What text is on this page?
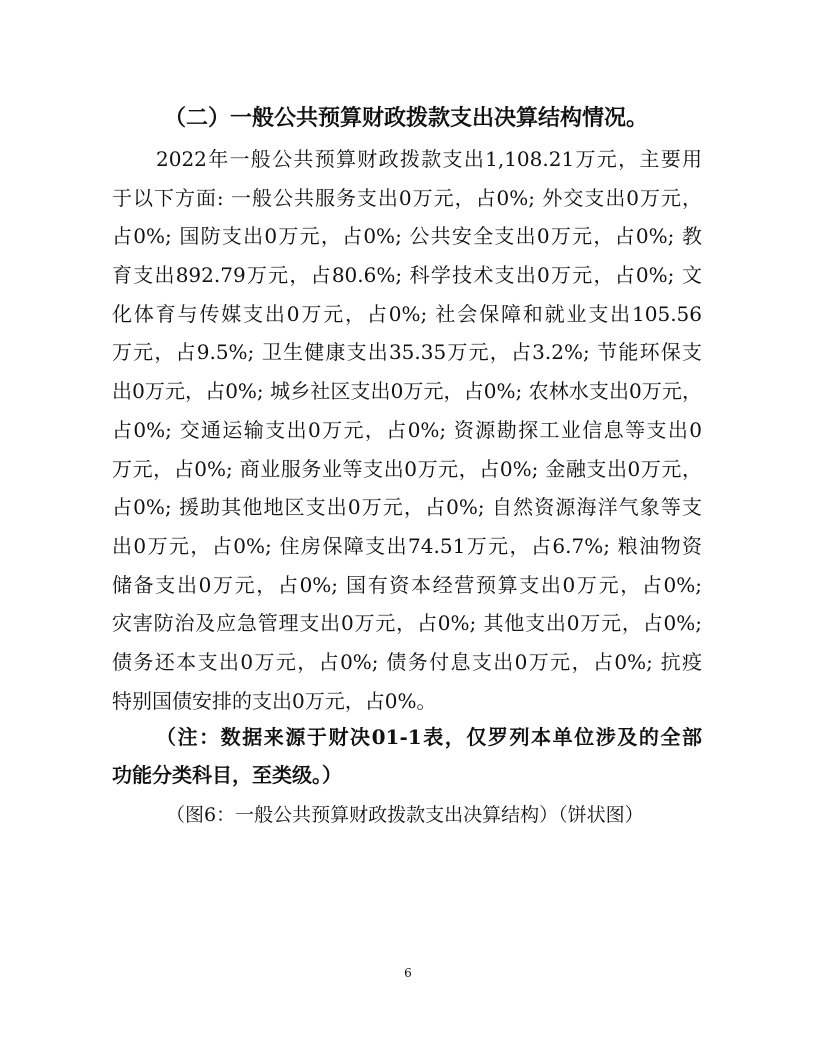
（二）一般公共预算财政拨款支出决算结构情况。
2022年一般公共预算财政拨款支出1,108.21万元，主要用
于以下方面: 一般公共服务支出0万元，占0%; 外交支出0万元，
占0%; 国防支出0万元，占0%; 公共安全支出0万元，占0%; 教
育支出892.79万元，占80.6%; 科学技术支出0万元，占0%; 文
化体育与传媒支出0万元，占0%; 社会保障和就业支出105.56
万元，占9.5%; 卫生健康支出35.35万元，占3.2%; 节能环保支
出0万元，占0%; 城乡社区支出0万元，占0%; 农林水支出0万元，
占0%; 交通运输支出0万元，占0%; 资源勘探工业信息等支出0
万元，占0%; 商业服务业等支出0万元，占0%; 金融支出0万元，
占0%; 援助其他地区支出0万元，占0%; 自然资源海洋气象等支
出0万元，占0%; 住房保障支出74.51万元，占6.7%; 粮油物资
储备支出0万元，占0%; 国有资本经营预算支出0万元，占0%;
灾害防治及应急管理支出0万元，占0%; 其他支出0万元，占0%;
债务还本支出0万元，占0%; 债务付息支出0万元，占0%; 抗疫
特别国债安排的支出0万元，占0%。
（注：数据来源于财决01-1表，仅罗列本单位涉及的全部
功能分类科目，至类级。）
（图6：一般公共预算财政拨款支出决算结构）（饼状图）
6
